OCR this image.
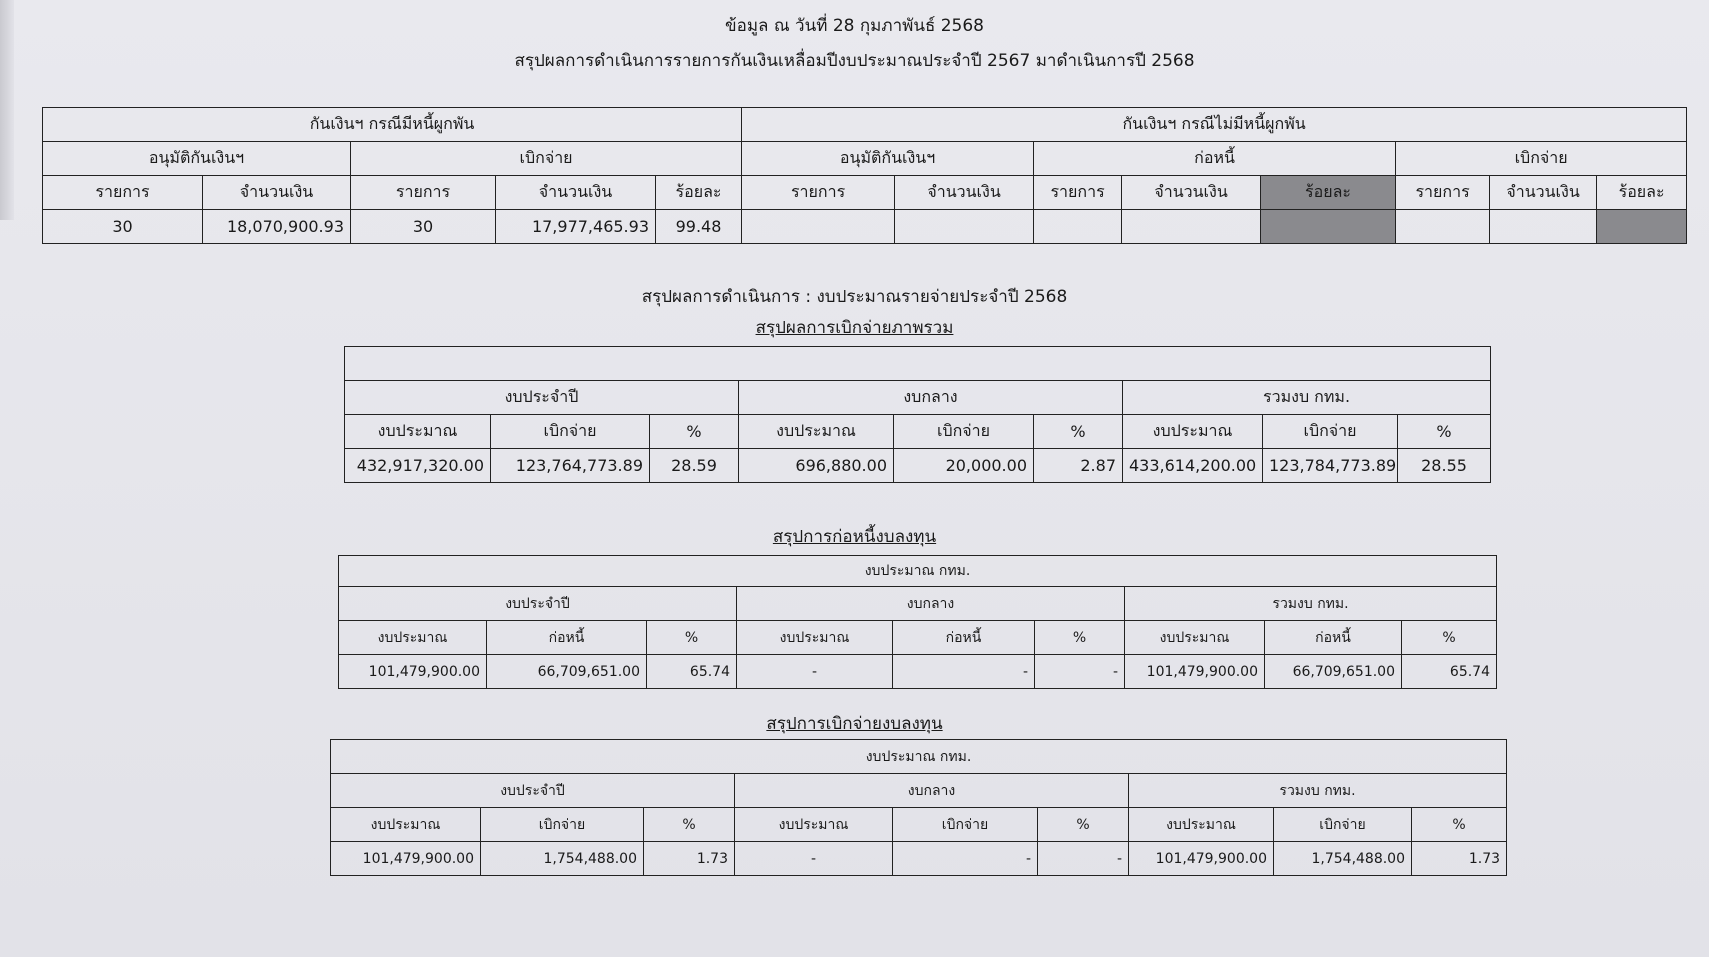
ข้อมูล ณ วันที่ 28 กุมภาพันธ์ 2568
สรุปผลการดำเนินการรายการกันเงินเหลื่อมปีงบประมาณประจำปี 2567 มาดำเนินการปี 2568
กันเงินฯ กรณีมีหนี้ผูกพัน					กันเงินฯ กรณีไม่มีหนี้ผูกพัน							
อนุมัติกันเงินฯ		เบิกจ่าย			อนุมัติกันเงินฯ		ก่อหนี้			เบิกจ่าย		
รายการ	จำนวนเงิน	รายการ	จำนวนเงิน	ร้อยละ	รายการ	จำนวนเงิน	รายการ	จำนวนเงิน	ร้อยละ	รายการ	จำนวนเงิน	ร้อยละ
30	18,070,900.93	30	17,977,465.93	99.48								
สรุปผลการดำเนินการ : งบประมาณรายจ่ายประจำปี 2568
สรุปผลการเบิกจ่ายภาพรวม

งบประจำปี			งบกลาง			รวมงบ กทม.		
งบประมาณ	เบิกจ่าย	%	งบประมาณ	เบิกจ่าย	%	งบประมาณ	เบิกจ่าย	%
432,917,320.00	123,764,773.89	28.59	696,880.00	20,000.00	2.87	433,614,200.00	123,784,773.89	28.55
สรุปการก่อหนี้งบลงทุน
งบประมาณ กทม.								
งบประจำปี			งบกลาง			รวมงบ กทม.		
งบประมาณ	ก่อหนี้	%	งบประมาณ	ก่อหนี้	%	งบประมาณ	ก่อหนี้	%
101,479,900.00	66,709,651.00	65.74	-	-	-	101,479,900.00	66,709,651.00	65.74
สรุปการเบิกจ่ายงบลงทุน
งบประมาณ กทม.								
งบประจำปี			งบกลาง			รวมงบ กทม.		
งบประมาณ	เบิกจ่าย	%	งบประมาณ	เบิกจ่าย	%	งบประมาณ	เบิกจ่าย	%
101,479,900.00	1,754,488.00	1.73	-	-	-	101,479,900.00	1,754,488.00	1.73
